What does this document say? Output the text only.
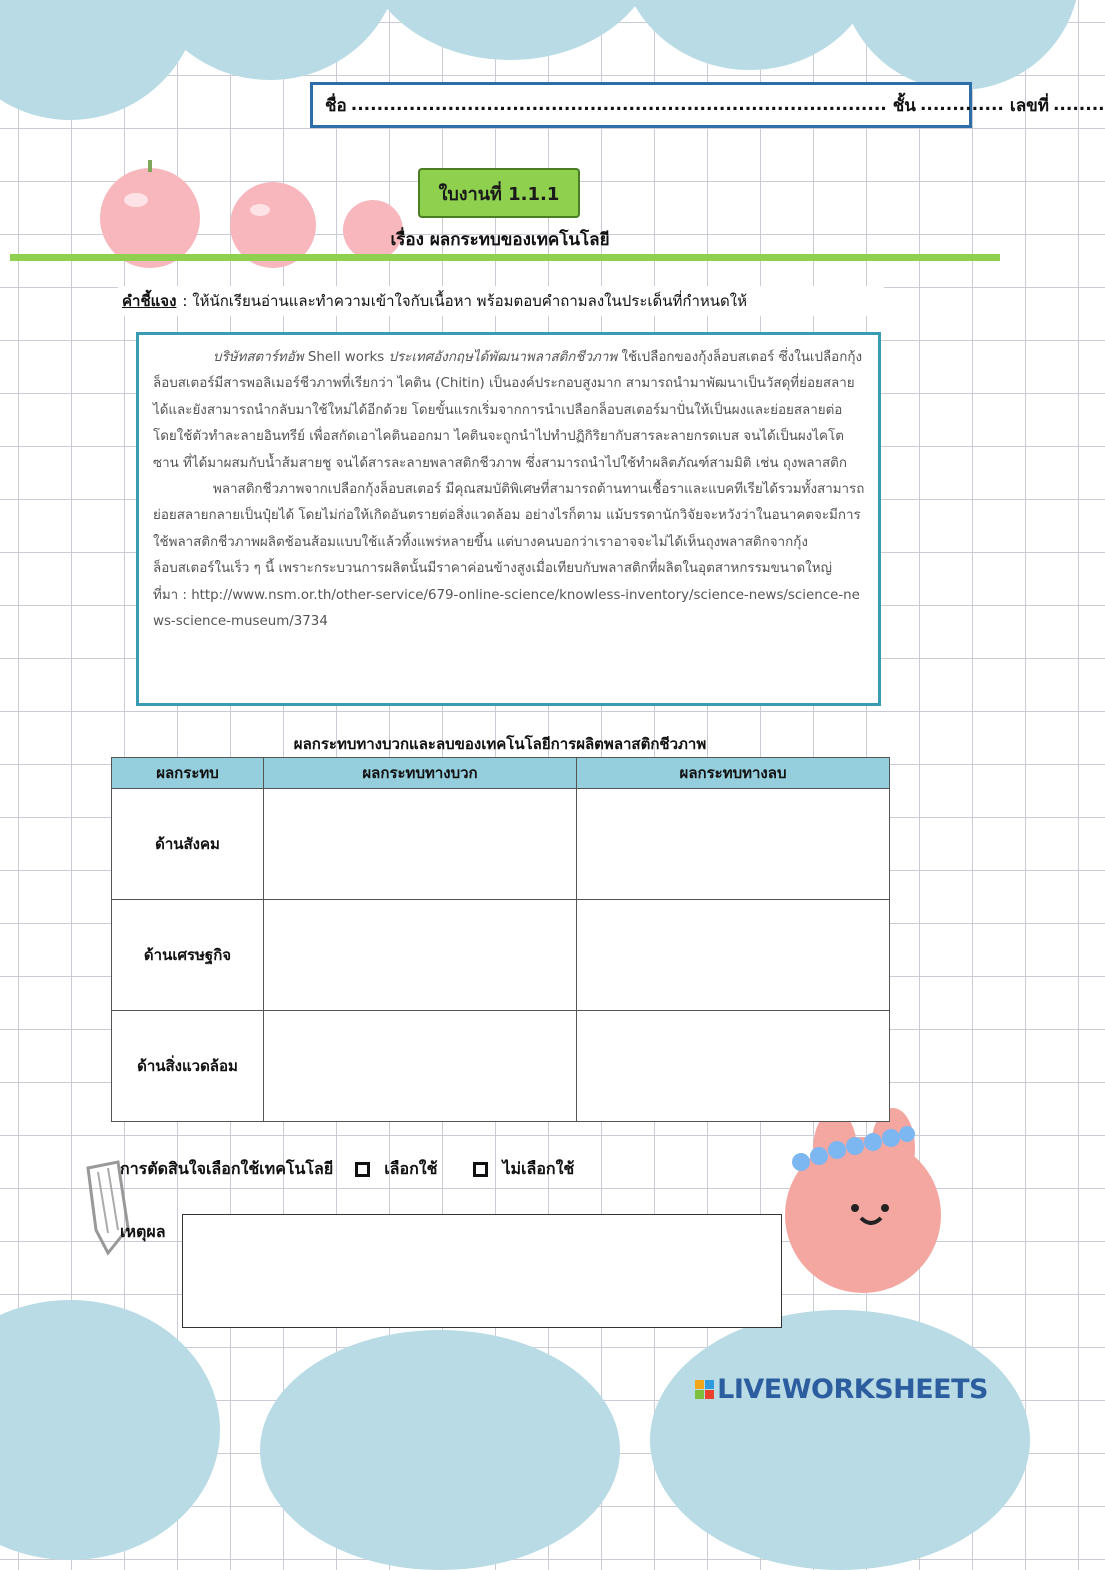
ชื่อ ................................................................................... ชั้น ............. เลขที่ ........
ใบงานที่ 1.1.1
เรื่อง ผลกระทบของเทคโนโลยี
คำชี้แจง : ให้นักเรียนอ่านและทำความเข้าใจกับเนื้อหา พร้อมตอบคำถามลงในประเด็นที่กำหนดให้

บริษัทสตาร์ทอัพ Shell works ประเทศอังกฤษได้พัฒนาพลาสติกชีวภาพ ใช้เปลือกของกุ้งล็อบสเตอร์ ซึ่งในเปลือกกุ้งล็อบสเตอร์มีสารพอลิเมอร์ชีวภาพที่เรียกว่า ไคติน (Chitin) เป็นองค์ประกอบสูงมาก สามารถนำมาพัฒนาเป็นวัสดุที่ย่อยสลายได้และยังสามารถนำกลับมาใช้ใหม่ได้อีกด้วย โดยขั้นแรกเริ่มจากการนำเปลือกล็อบสเตอร์มาปั่นให้เป็นผงและย่อยสลายต่อโดยใช้ตัวทำละลายอินทรีย์ เพื่อสกัดเอาไคตินออกมา ไคตินจะถูกนำไปทำปฏิกิริยากับสารละลายกรดเบส จนได้เป็นผงไคโตซาน ที่ได้มาผสมกับน้ำส้มสายชู จนได้สารละลายพลาสติกชีวภาพ ซึ่งสามารถนำไปใช้ทำผลิตภัณฑ์สามมิติ เช่น ถุงพลาสติก

พลาสติกชีวภาพจากเปลือกกุ้งล็อบสเตอร์ มีคุณสมบัติพิเศษที่สามารถต้านทานเชื้อราและแบคทีเรียได้รวมทั้งสามารถย่อยสลายกลายเป็นปุ๋ยได้ โดยไม่ก่อให้เกิดอันตรายต่อสิ่งแวดล้อม อย่างไรก็ตาม แม้บรรดานักวิจัยจะหวังว่าในอนาคตจะมีการใช้พลาสติกชีวภาพผลิตช้อนส้อมแบบใช้แล้วทิ้งแพร่หลายขึ้น แต่บางคนบอกว่าเราอาจจะไม่ได้เห็นถุงพลาสติกจากกุ้งล็อบสเตอร์ในเร็ว ๆ นี้ เพราะกระบวนการผลิตนั้นมีราคาค่อนข้างสูงเมื่อเทียบกับพลาสติกที่ผลิตในอุตสาหกรรมขนาดใหญ่

ที่มา : http://www.nsm.or.th/other-service/679-online-science/knowless-inventory/science-news/science-news-science-museum/3734

ผลกระทบทางบวกและลบของเทคโนโลยีการผลิตพลาสติกชีวภาพ
ผลกระทบ	ผลกระทบทางบวก	ผลกระทบทางลบ
ด้านสังคม		
ด้านเศรษฐกิจ		
ด้านสิ่งแวดล้อม		
การตัดสินใจเลือกใช้เทคโนโลยี	เลือกใช้	ไม่เลือกใช้
เหตุผล
LIVEWORKSHEETS
